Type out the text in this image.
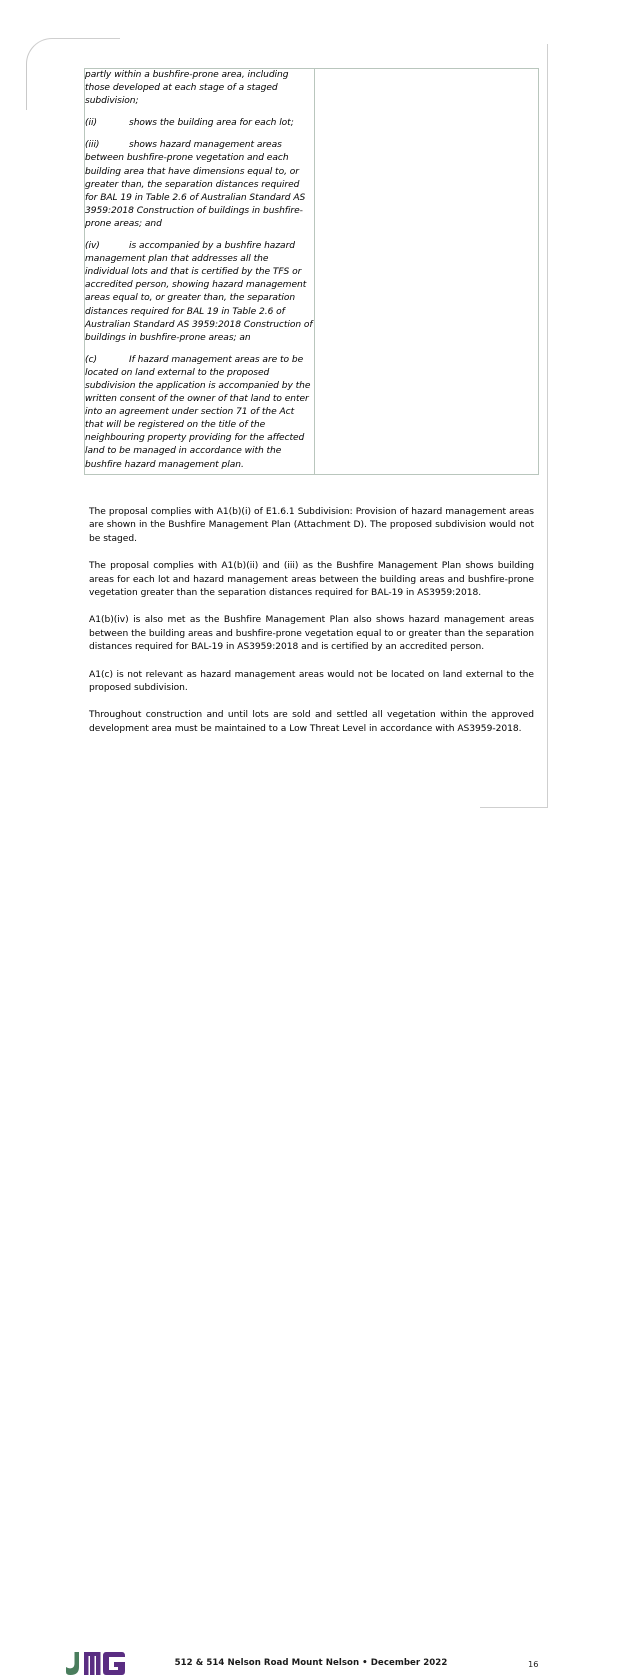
partly within a bushfire-prone area, including those developed at each stage of a staged subdivision;

(ii)	shows the building area for each lot;

(iii)	shows hazard management areas between bushfire-prone vegetation and each building area that have dimensions equal to, or greater than, the separation distances required for BAL 19 in Table 2.6 of Australian Standard AS 3959:2018 Construction of buildings in bushfire-prone areas; and

(iv)	is accompanied by a bushfire hazard management plan that addresses all the individual lots and that is certified by the TFS or accredited person, showing hazard management areas equal to, or greater than, the separation distances required for BAL 19 in Table 2.6 of Australian Standard AS 3959:2018 Construction of buildings in bushfire-prone areas; an

(c)	If hazard management areas are to be located on land external to the proposed subdivision the application is accompanied by the written consent of the owner of that land to enter into an agreement under section 71 of the Act that will be registered on the title of the neighbouring property providing for the affected land to be managed in accordance with the bushfire hazard management plan.

The proposal complies with A1(b)(i) of E1.6.1 Subdivision: Provision of hazard management areas are shown in the Bushfire Management Plan (Attachment D). The proposed subdivision would not be staged.

The proposal complies with A1(b)(ii) and (iii) as the Bushfire Management Plan shows building areas for each lot and hazard management areas between the building areas and bushfire-prone vegetation greater than the separation distances required for BAL-19 in AS3959:2018.

A1(b)(iv) is also met as the Bushfire Management Plan also shows hazard management areas between the building areas and bushfire-prone vegetation equal to or greater than the separation distances required for BAL-19 in AS3959:2018 and is certified by an accredited person.

A1(c) is not relevant as hazard management areas would not be located on land external to the proposed subdivision.

Throughout construction and until lots are sold and settled all vegetation within the approved development area must be maintained to a Low Threat Level in accordance with AS3959-2018.

512 & 514 Nelson Road Mount Nelson • December 2022	16
